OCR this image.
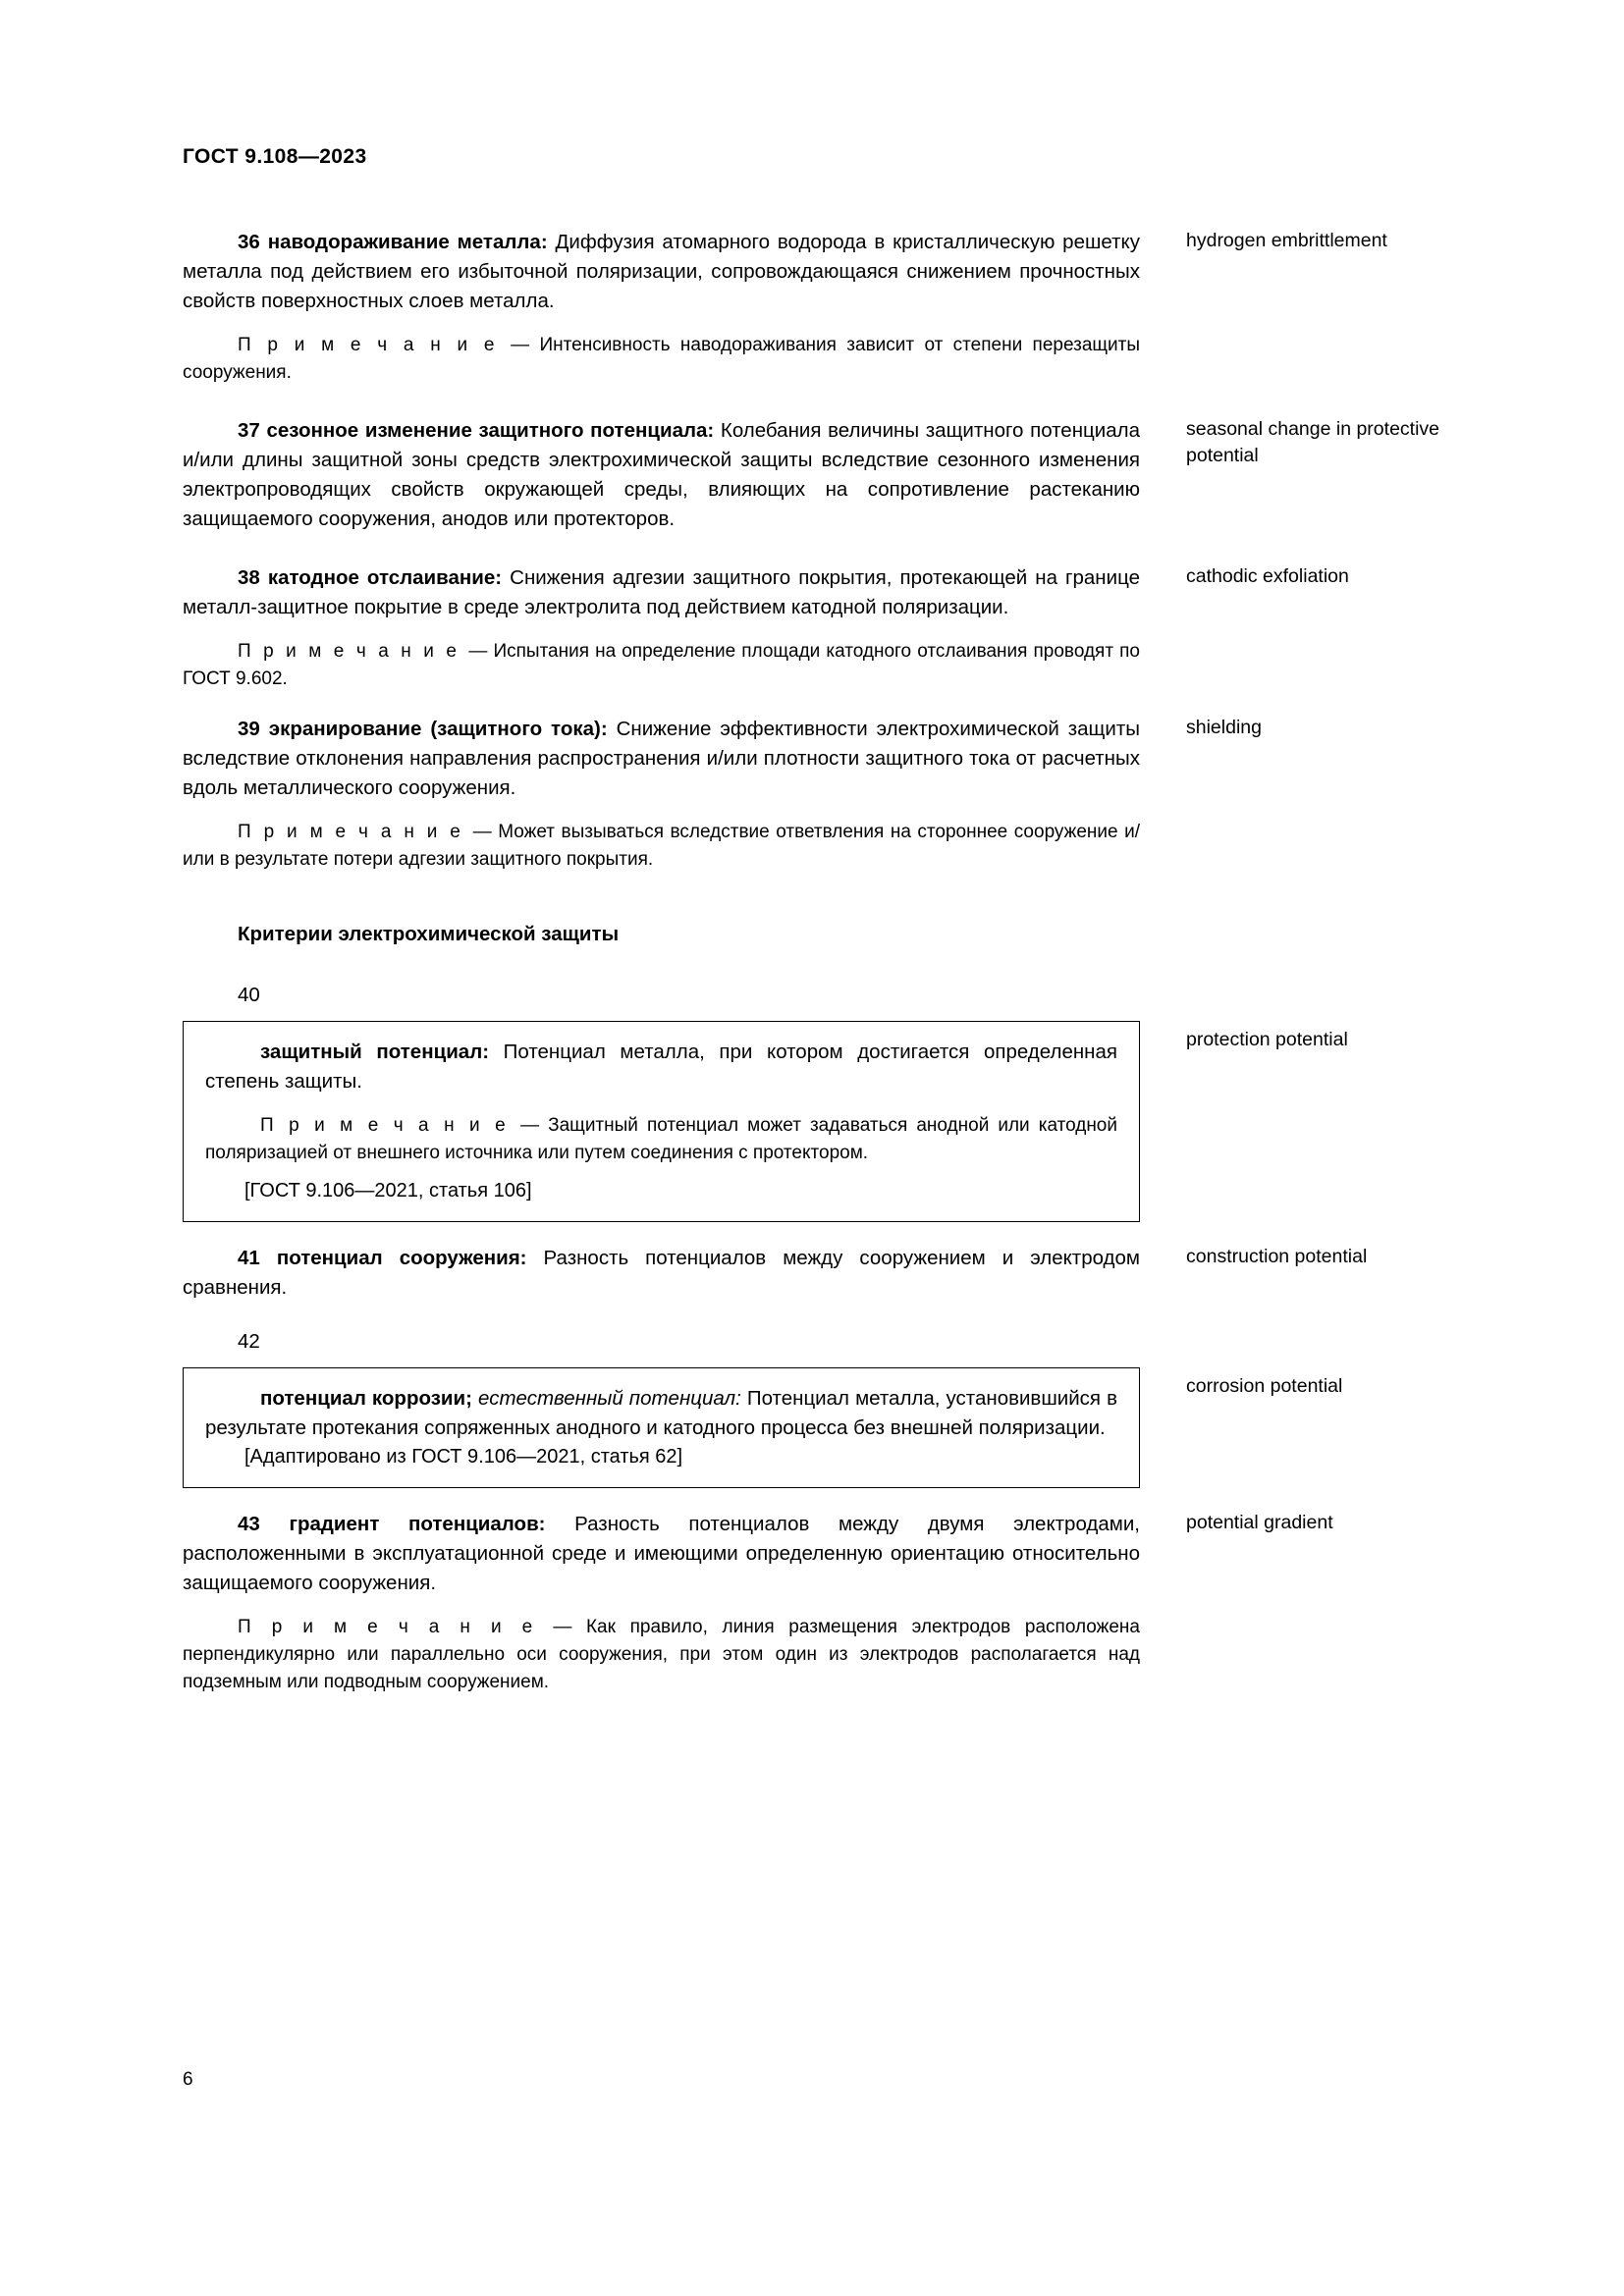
ГОСТ 9.108—2023

36 наводораживание металла: Диффузия атомарного водорода в кристаллическую решетку металла под действием его избыточной поляризации, сопровождающаяся снижением прочностных свойств поверхностных слоев металла.

П р и м е ч а н и е — Интенсивность наводораживания зависит от степени перезащиты сооружения.

hydrogen embrittlement

37 сезонное изменение защитного потенциала: Колебания величины защитного потенциала и/или длины защитной зоны средств электрохимической защиты вследствие сезонного изменения электропроводящих свойств окружающей среды, влияющих на сопротивление растеканию защищаемого сооружения, анодов или протекторов.

seasonal change in protective potential

38 катодное отслаивание: Снижения адгезии защитного покрытия, протекающей на границе металл-защитное покрытие в среде электролита под действием катодной поляризации.

П р и м е ч а н и е — Испытания на определение площади катодного отслаивания проводят по ГОСТ 9.602.

cathodic exfoliation

39 экранирование (защитного тока): Снижение эффективности электрохимической защиты вследствие отклонения направления распространения и/или плотности защитного тока от расчетных вдоль металлического сооружения.

П р и м е ч а н и е — Может вызываться вследствие ответвления на стороннее сооружение и/или в результате потери адгезии защитного покрытия.

shielding

Критерии электрохимической защиты

40

защитный потенциал: Потенциал металла, при котором достигается определенная степень защиты.

П р и м е ч а н и е — Защитный потенциал может задаваться анодной или катодной поляризацией от внешнего источника или путем соединения с протектором.

[ГОСТ 9.106—2021, статья 106]

protection potential

41 потенциал сооружения: Разность потенциалов между сооружением и электродом сравнения.

construction potential

42

потенциал коррозии; естественный потенциал: Потенциал металла, установившийся в результате протекания сопряженных анодного и катодного процесса без внешней поляризации.

[Адаптировано из ГОСТ 9.106—2021, статья 62]

corrosion potential

43 градиент потенциалов: Разность потенциалов между двумя электродами, расположенными в эксплуатационной среде и имеющими определенную ориентацию относительно защищаемого сооружения.

П р и м е ч а н и е — Как правило, линия размещения электродов расположена перпендикулярно или параллельно оси сооружения, при этом один из электродов располагается над подземным или подводным сооружением.

potential gradient
6
